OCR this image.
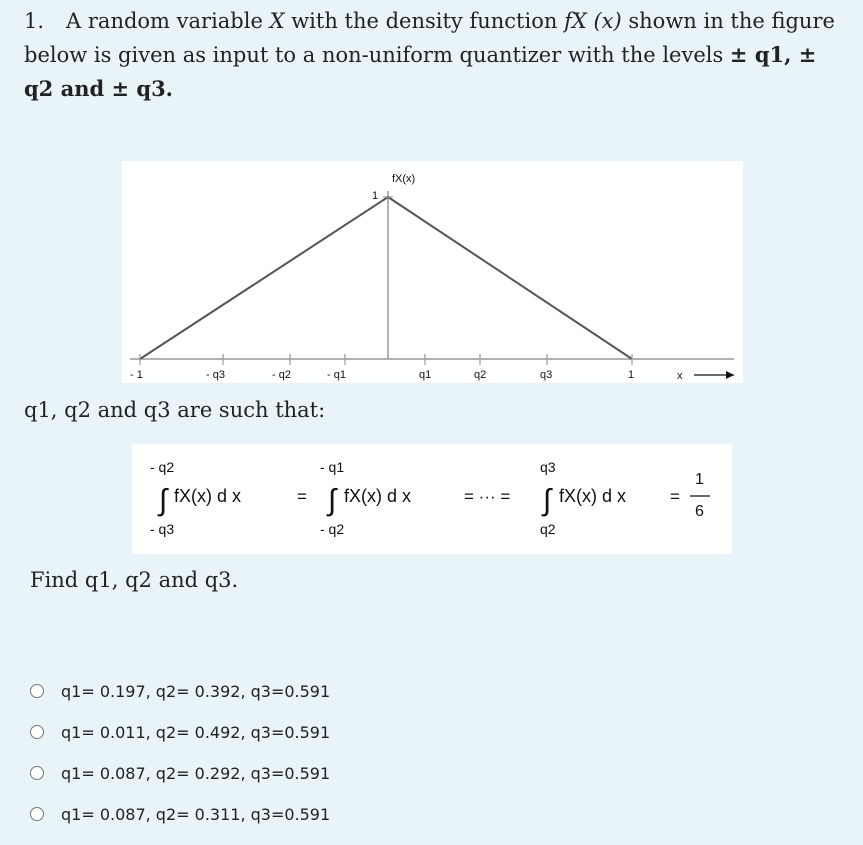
1. A random variable X with the density function fX (x) shown in the figure below is given as input to a non-uniform quantizer with the levels ± q1, ± q2 and ± q3.
fX(x)
1
x
- 1	- q3	- q2	- q1	q1	q2	q3	1
q1, q2 and q3 are such that:
- q2
∫ fX(x) d x
- q3
=
- q1
∫ fX(x) d x
- q2
= ··· =
q3
∫ fX(x) d x
q2
=
1
6
Find q1, q2 and q3.
q1= 0.197, q2= 0.392, q3=0.591
q1= 0.011, q2= 0.492, q3=0.591
q1= 0.087, q2= 0.292, q3=0.591
q1= 0.087, q2= 0.311, q3=0.591
